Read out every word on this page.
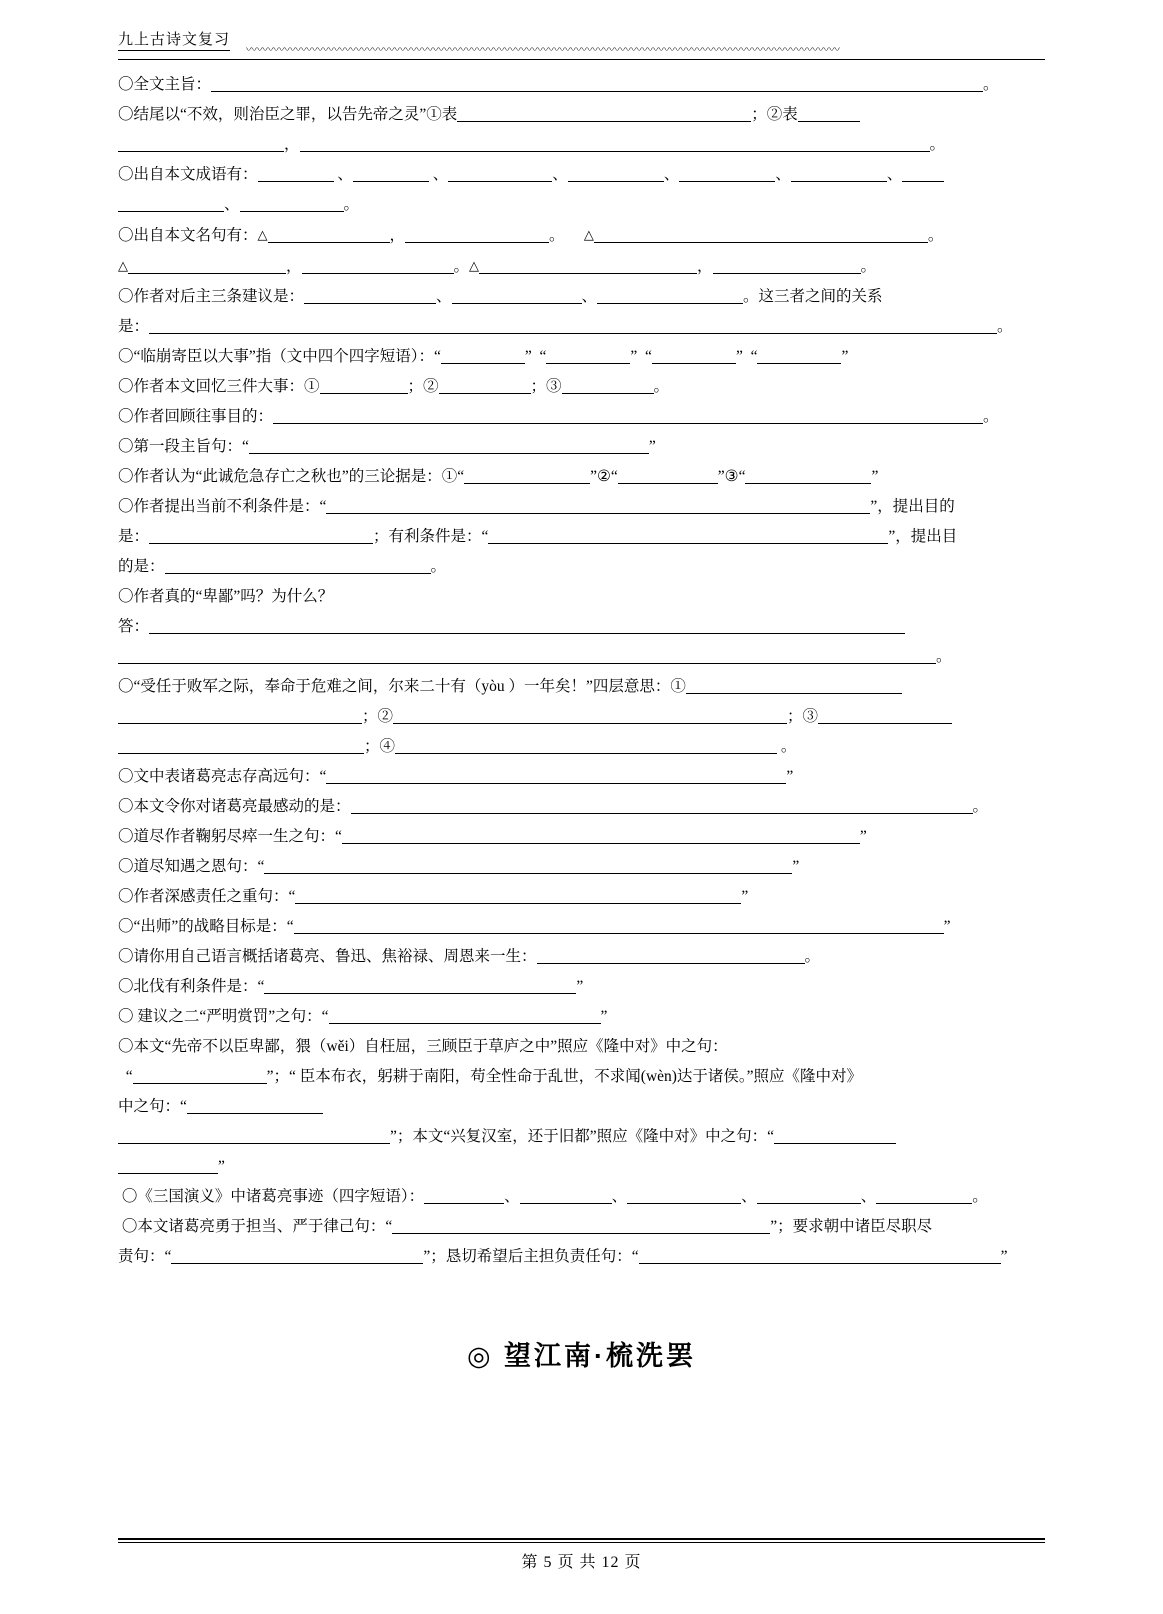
九上古诗文复习
〰〰〰〰〰〰〰〰〰〰〰〰〰〰〰〰〰〰〰〰〰〰〰〰〰〰〰〰〰〰〰〰〰〰〰〰〰〰〰〰〰〰〰〰〰〰〰〰〰〰〰〰〰〰

〇全文主旨：	。

〇结尾以“不效，则治臣之罪，以告先帝之灵”①表	；②表

，	。

〇出自本文成语有：	、	、	、	、	、	、

、	。

〇出自本文名句有：△	，	。 △	。

△	，	。△	，	。

〇作者对后主三条建议是：	、	、	。这三者之间的关系

是：	。

〇“临崩寄臣以大事”指（文中四个四字短语）：“	”  “	”  “	”  “	”

〇作者本文回忆三件大事：①	；②	；③	。

〇作者回顾往事目的：	。

〇第一段主旨句：“	”

〇作者认为“此诚危急存亡之秋也”的三论据是：①“	”②“	”③“	”

〇作者提出当前不利条件是：“	”，提出目的

是：	；有利条件是：“	”，提出目

的是：	。

〇作者真的“卑鄙”吗？为什么？

答：

。

〇“受任于败军之际，奉命于危难之间，尔来二十有（yòu ）一年矣！”四层意思：①

；②	；③

；④	。

〇文中表诸葛亮志存高远句：“	”

〇本文令你对诸葛亮最感动的是：	。

〇道尽作者鞠躬尽瘁一生之句：“	”

〇道尽知遇之恩句：“	”

〇作者深感责任之重句：“	”

〇“出师”的战略目标是：“	”

〇请你用自己语言概括诸葛亮、鲁迅、焦裕禄、周恩来一生：	。

〇北伐有利条件是：“	”

〇 建议之二“严明赏罚”之句：“	”

〇本文“先帝不以臣卑鄙，猥（wěi）自枉屈，三顾臣于草庐之中”照应《隆中对》中之句：

“	”；“ 臣本布衣，躬耕于南阳，苟全性命于乱世，不求闻(wèn)达于诸侯。”照应《隆中对》

中之句：“

”；本文“兴复汉室，还于旧都”照应《隆中对》中之句：“

”

〇《三国演义》中诸葛亮事迹（四字短语）：	、	、	、	、	。

〇本文诸葛亮勇于担当、严于律己句：“	”；要求朝中诸臣尽职尽

责句：“	”；恳切希望后主担负责任句：“	”

◎ 望江南·梳洗罢
第 5 页 共 12 页
